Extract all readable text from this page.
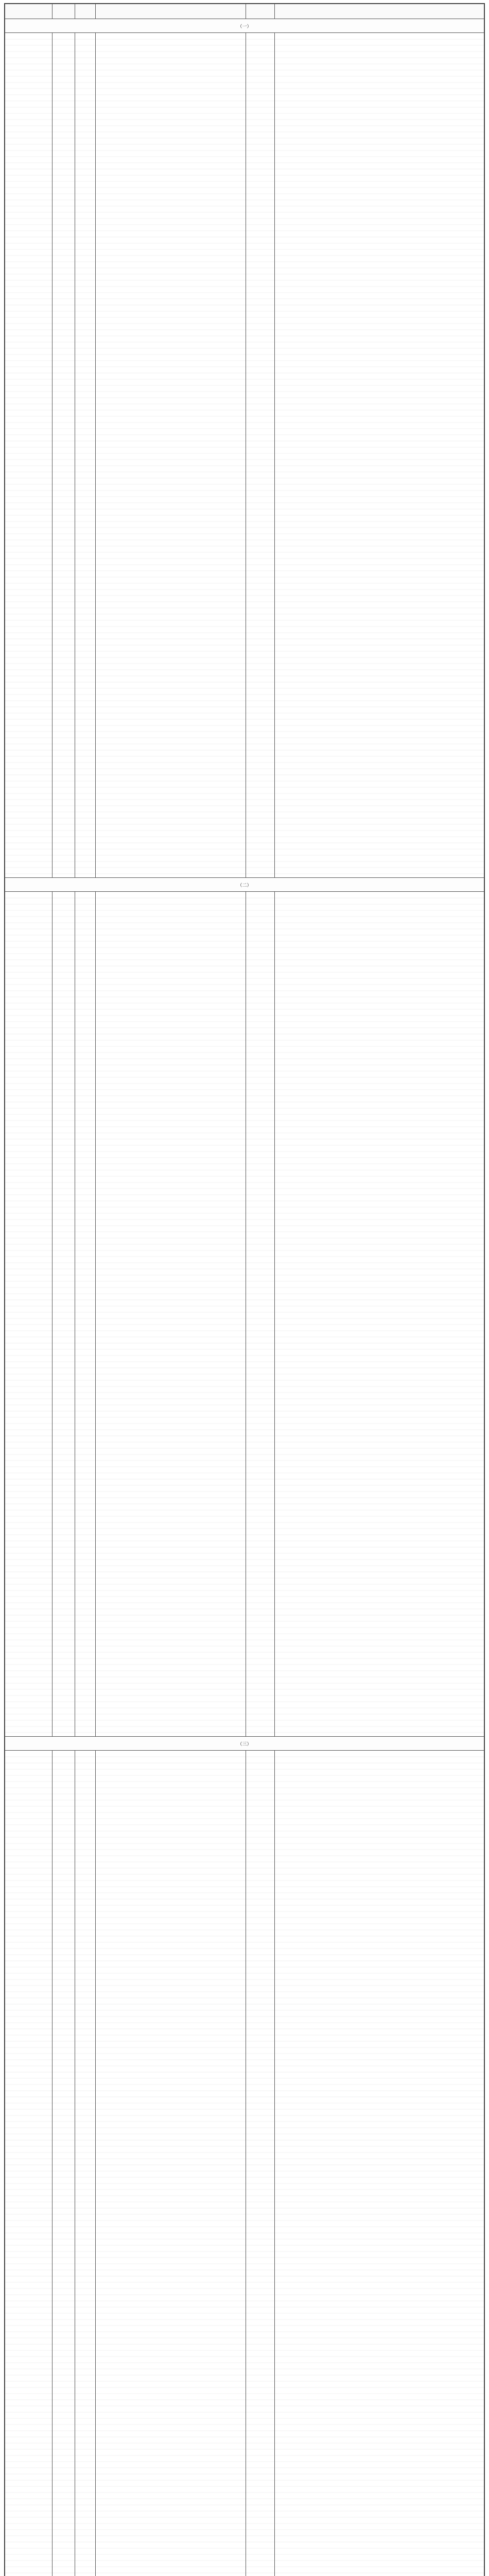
（一）					

（二）					

（三）					
